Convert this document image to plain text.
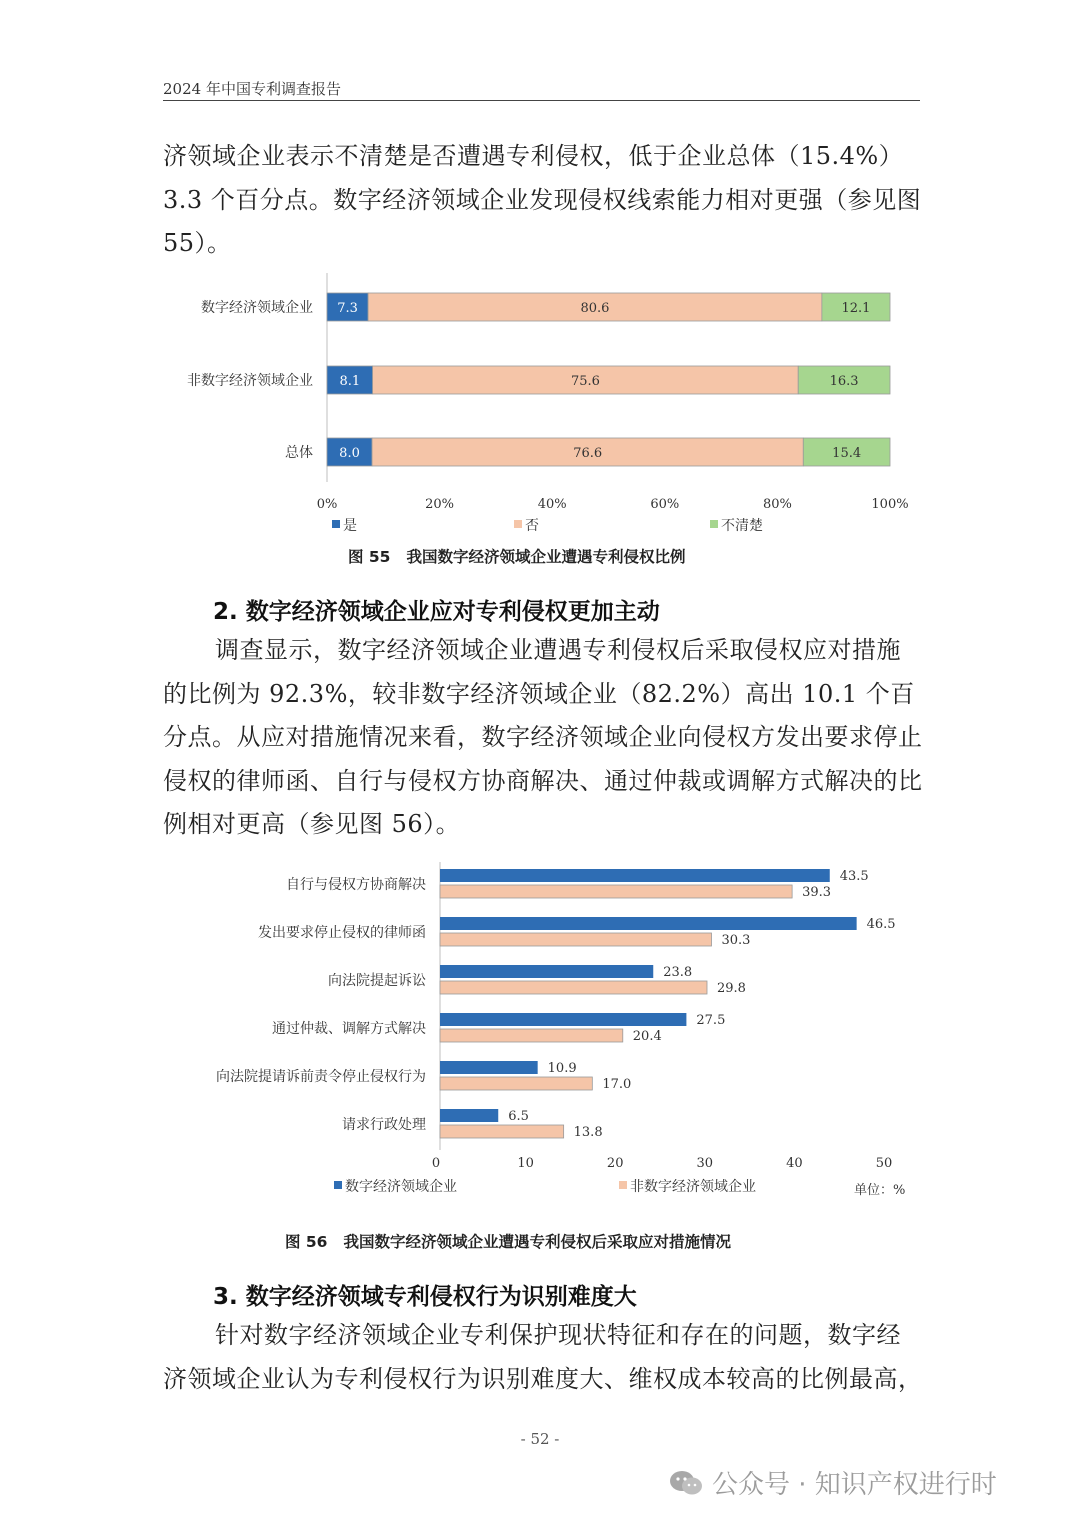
2024 年中国专利调查报告
济领域企业表示不清楚是否遭遇专利侵权，低于企业总体（15.4%）3.3 个百分点。数字经济领域企业发现侵权线索能力相对更强（参见图 55）。
数字经济领域企业 7.3	80.6	12.1
非数字经济领域企业 8.1	75.6	16.3
总体 8.0	76.6	15.4
0%	20%	40%	60%	80%	100%
是	否	不清楚
图 55 我国数字经济领域企业遭遇专利侵权比例
2. 数字经济领域企业应对专利侵权更加主动
调查显示，数字经济领域企业遭遇专利侵权后采取侵权应对措施的比例为 92.3%，较非数字经济领域企业（82.2%）高出 10.1 个百分点。从应对措施情况来看，数字经济领域企业向侵权方发出要求停止侵权的律师函、自行与侵权方协商解决、通过仲裁或调解方式解决的比例相对更高（参见图 56）。
自行与侵权方协商解决
43.5
39.3
发出要求停止侵权的律师函
46.5
30.3
向法院提起诉讼
23.8
29.8
通过仲裁、调解方式解决
27.5
20.4
向法院提请诉前责令停止侵权行为
10.9
17.0
请求行政处理
6.5
13.8
0	10	20	30	40	50
数字经济领域企业	非数字经济领域企业	单位：%
图 56 我国数字经济领域企业遭遇专利侵权后采取应对措施情况
3. 数字经济领域专利侵权行为识别难度大
针对数字经济领域企业专利保护现状特征和存在的问题，数字经济领域企业认为专利侵权行为识别难度大、维权成本较高的比例最高，
- 52 -
公众号 · 知识产权进行时
